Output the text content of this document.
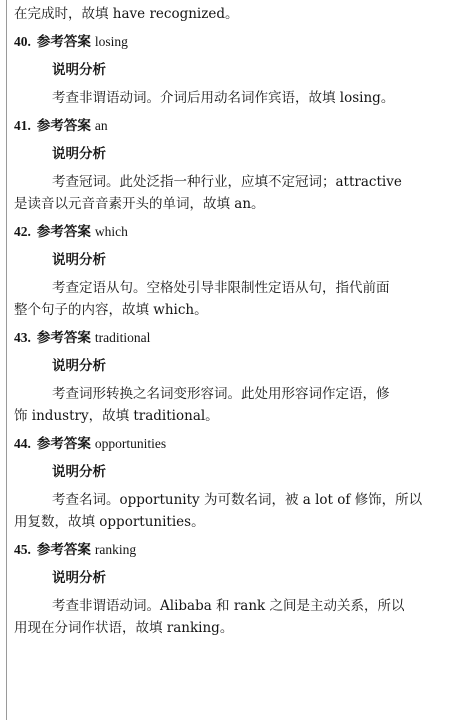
在完成时，故填 have recognized。
40. 参考答案 losing
说明分析
考查非谓语动词。介词后用动名词作宾语，故填 losing。
41. 参考答案 an
说明分析
考查冠词。此处泛指一种行业，应填不定冠词；attractive
是读音以元音音素开头的单词，故填 an。
42. 参考答案 which
说明分析
考查定语从句。空格处引导非限制性定语从句，指代前面
整个句子的内容，故填 which。
43. 参考答案 traditional
说明分析
考查词形转换之名词变形容词。此处用形容词作定语，修
饰 industry，故填 traditional。
44. 参考答案 opportunities
说明分析
考查名词。opportunity 为可数名词，被 a lot of 修饰，所以
用复数，故填 opportunities。
45. 参考答案 ranking
说明分析
考查非谓语动词。Alibaba 和 rank 之间是主动关系，所以
用现在分词作状语，故填 ranking。
